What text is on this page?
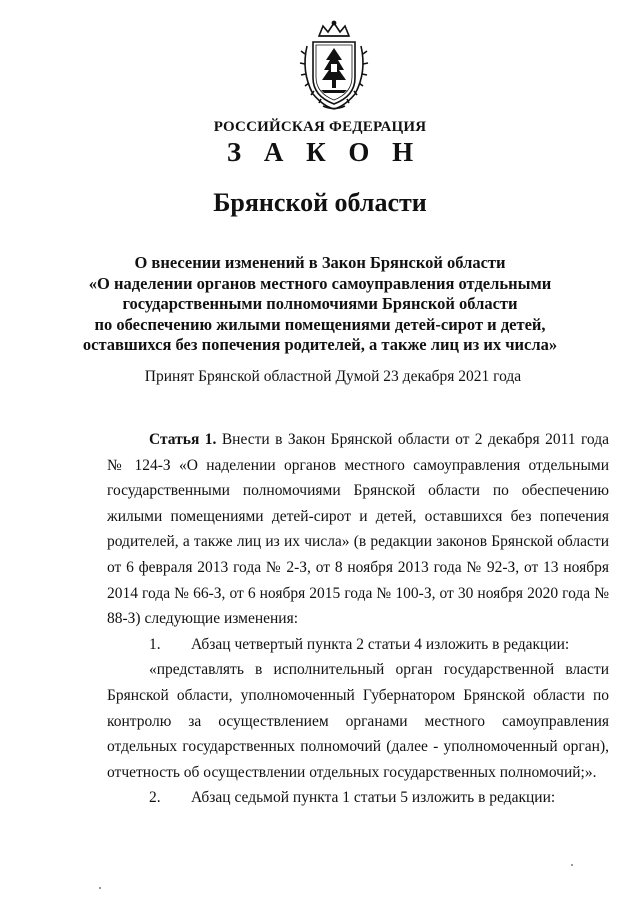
РОССИЙСКАЯ ФЕДЕРАЦИЯ
З А К О Н
Брянской области
О внесении изменений в Закон Брянской области
«О наделении органов местного самоуправления отдельными
государственными полномочиями Брянской области
по обеспечению жилыми помещениями детей-сирот и детей,
оставшихся без попечения родителей, а также лиц из их числа»
Принят Брянской областной Думой 23 декабря 2021 года

Статья 1. Внести в Закон Брянской области от 2 декабря 2011 года № 124-З «О наделении органов местного самоуправления отдельными государственными полномочиями Брянской области по обеспечению жилыми помещениями детей-сирот и детей, оставшихся без попечения родителей, а также лиц из их числа» (в редакции законов Брянской области от 6 февраля 2013 года № 2-З, от 8 ноября 2013 года № 92-З, от 13 ноября 2014 года № 66-З, от 6 ноября 2015 года № 100-З, от 30 ноября 2020 года № 88-З) следующие изменения:

1.	Абзац четвертый пункта 2 статьи 4 изложить в редакции:

«представлять в исполнительный орган государственной власти Брянской области, уполномоченный Губернатором Брянской области по контролю за осуществлением органами местного самоуправления отдельных государственных полномочий (далее - уполномоченный орган), отчетность об осуществлении отдельных государственных полномочий;».

2.	Абзац седьмой пункта 1 статьи 5 изложить в редакции:
